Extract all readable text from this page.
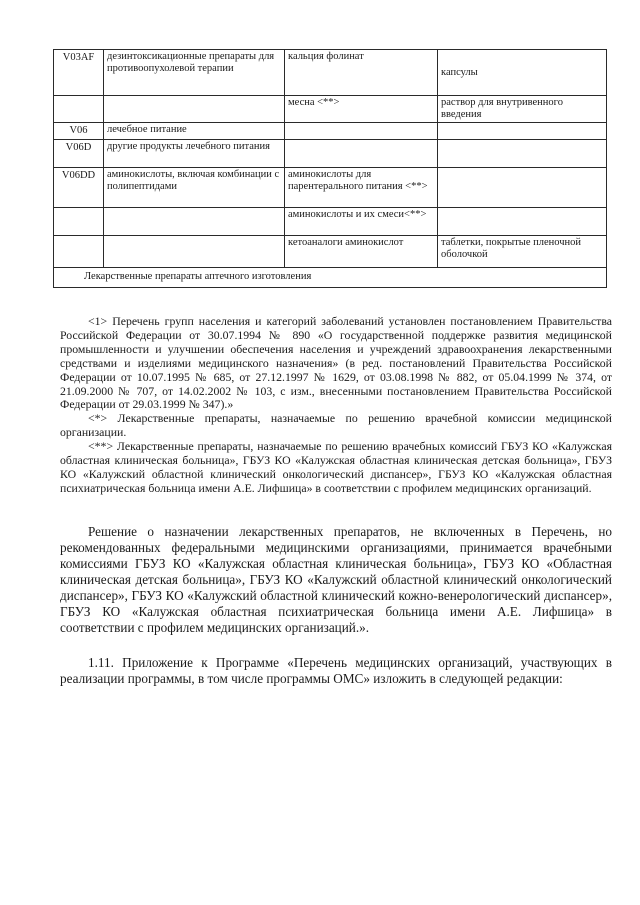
V03AF	дезинтоксикационные препараты для противоопухолевой терапии	кальция фолинат	капсулы
		месна <**>	раствор для внутривенного введения
V06	лечебное питание		
V06D	другие продукты лечебного питания		
V06DD	аминокислоты, включая комбинации с полипептидами	аминокислоты для парентерального питания <**>	
		аминокислоты и их смеси<**>	
		кетоаналоги аминокислот	таблетки, покрытые пленочной оболочкой
Лекарственные препараты аптечного изготовления			

<1> Перечень групп населения и категорий заболеваний установлен постановлением Правительства Российской Федерации от 30.07.1994 № 890 «О государственной поддержке развития медицинской промышленности и улучшении обеспечения населения и учреждений здравоохранения лекарственными средствами и изделиями медицинского назначения» (в ред. постановлений Правительства Российской Федерации от 10.07.1995 № 685, от 27.12.1997 № 1629, от 03.08.1998 № 882, от 05.04.1999 № 374, от 21.09.2000 № 707, от 14.02.2002 № 103, с изм., внесенными постановлением Правительства Российской Федерации от 29.03.1999 № 347).»

<*> Лекарственные препараты, назначаемые по решению врачебной комиссии медицинской организации.

<**> Лекарственные препараты, назначаемые по решению врачебных комиссий ГБУЗ КО «Калужская областная клиническая больница», ГБУЗ КО «Калужская областная клиническая детская больница», ГБУЗ КО «Калужский областной клинический онкологический диспансер», ГБУЗ КО «Калужская областная психиатрическая больница имени А.Е. Лифшица» в соответствии с профилем медицинских организаций.

Решение о назначении лекарственных препаратов, не включенных в Перечень, но рекомендованных федеральными медицинскими организациями, принимается врачебными комиссиями ГБУЗ КО «Калужская областная клиническая больница», ГБУЗ КО «Областная клиническая детская больница», ГБУЗ КО «Калужский областной клинический онкологический диспансер», ГБУЗ КО «Калужский областной клинический кожно-венерологический диспансер», ГБУЗ КО «Калужская областная психиатрическая больница имени А.Е. Лифшица» в соответствии с профилем медицинских организаций.».

1.11. Приложение к Программе «Перечень медицинских организаций, участвующих в реализации программы, в том числе программы ОМС» изложить в следующей редакции:
